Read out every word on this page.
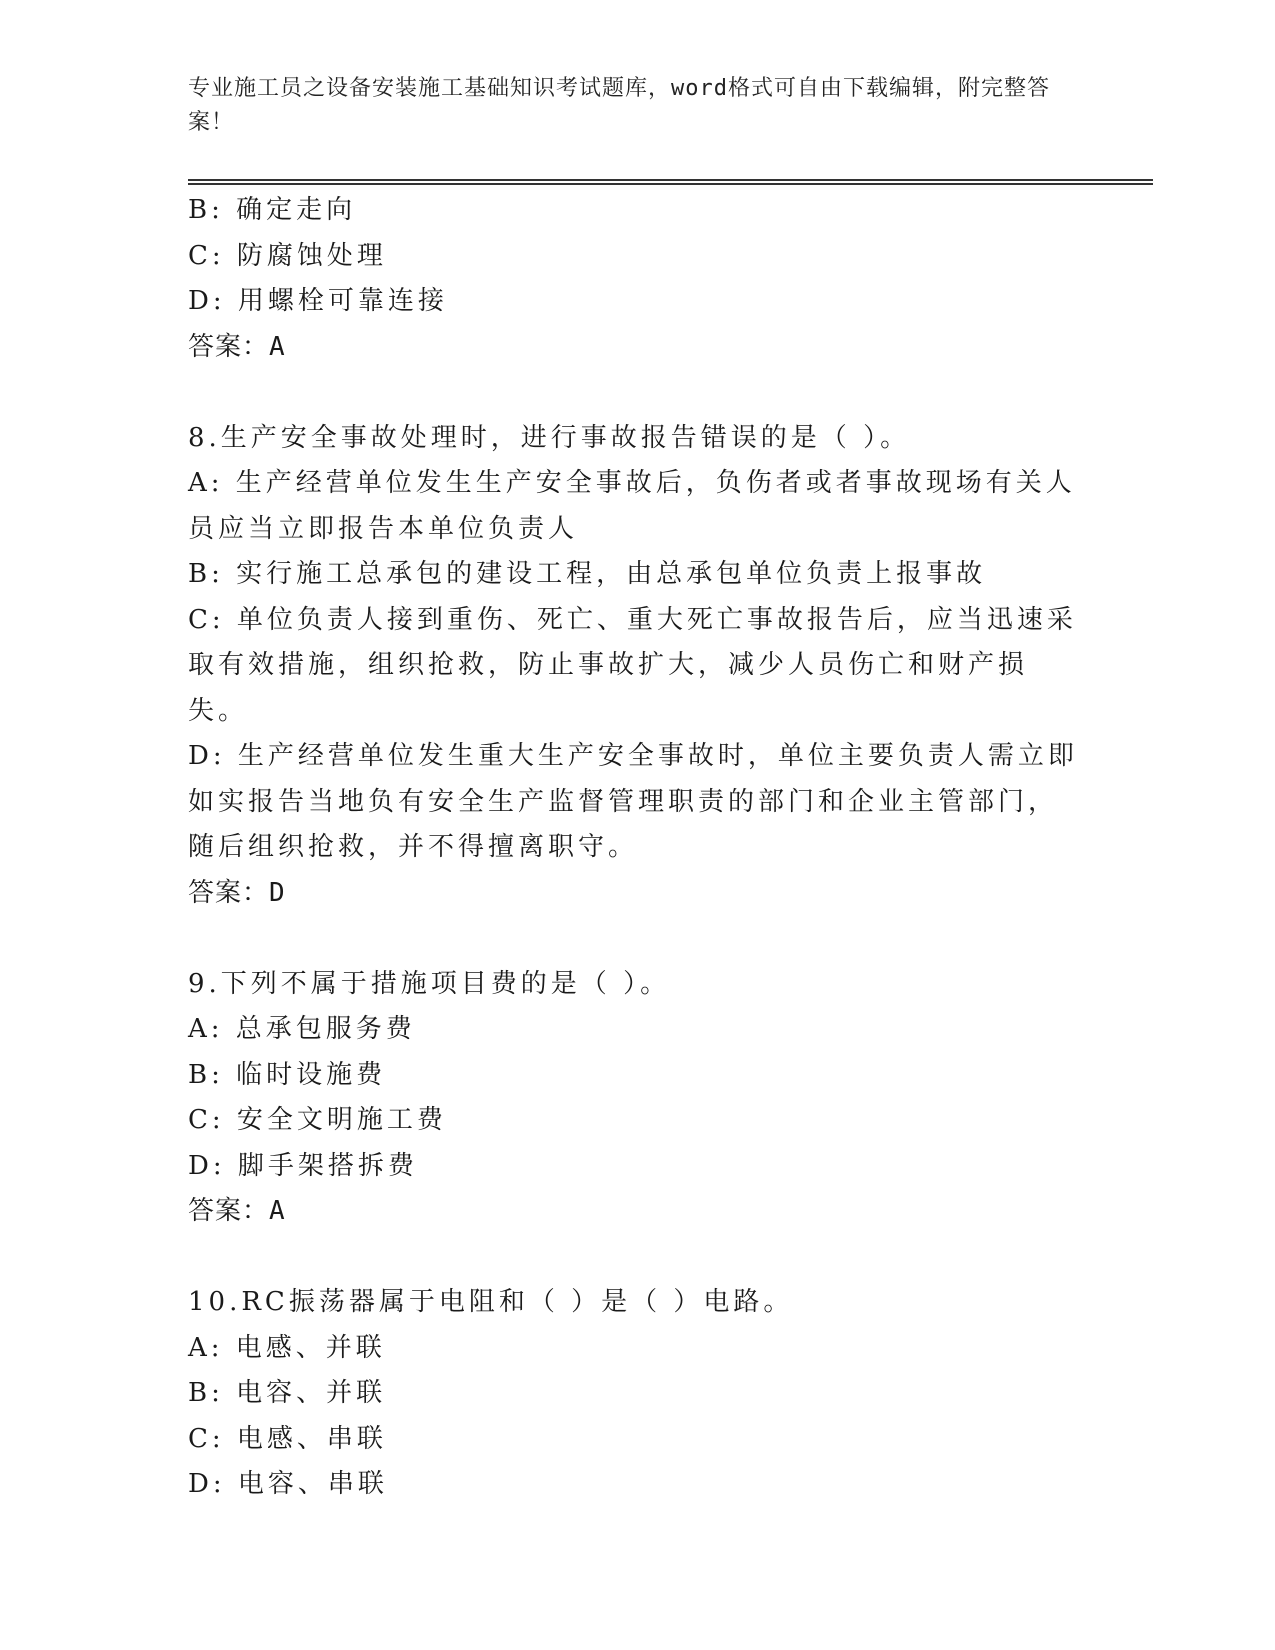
专业施工员之设备安装施工基础知识考试题库，word格式可自由下载编辑，附完整答案！
B: 确定走向
C: 防腐蚀处理
D: 用螺栓可靠连接
答案：A
8.生产安全事故处理时，进行事故报告错误的是（ ）。
A: 生产经营单位发生生产安全事故后，负伤者或者事故现场有关人员应当立即报告本单位负责人
B: 实行施工总承包的建设工程，由总承包单位负责上报事故
C: 单位负责人接到重伤、死亡、重大死亡事故报告后，应当迅速采取有效措施，组织抢救，防止事故扩大，减少人员伤亡和财产损失。
D: 生产经营单位发生重大生产安全事故时，单位主要负责人需立即如实报告当地负有安全生产监督管理职责的部门和企业主管部门，随后组织抢救，并不得擅离职守。
答案：D
9.下列不属于措施项目费的是（ ）。
A: 总承包服务费
B: 临时设施费
C: 安全文明施工费
D: 脚手架搭拆费
答案：A
10.RC振荡器属于电阻和（ ）是（ ）电路。
A: 电感、并联
B: 电容、并联
C: 电感、串联
D: 电容、串联
